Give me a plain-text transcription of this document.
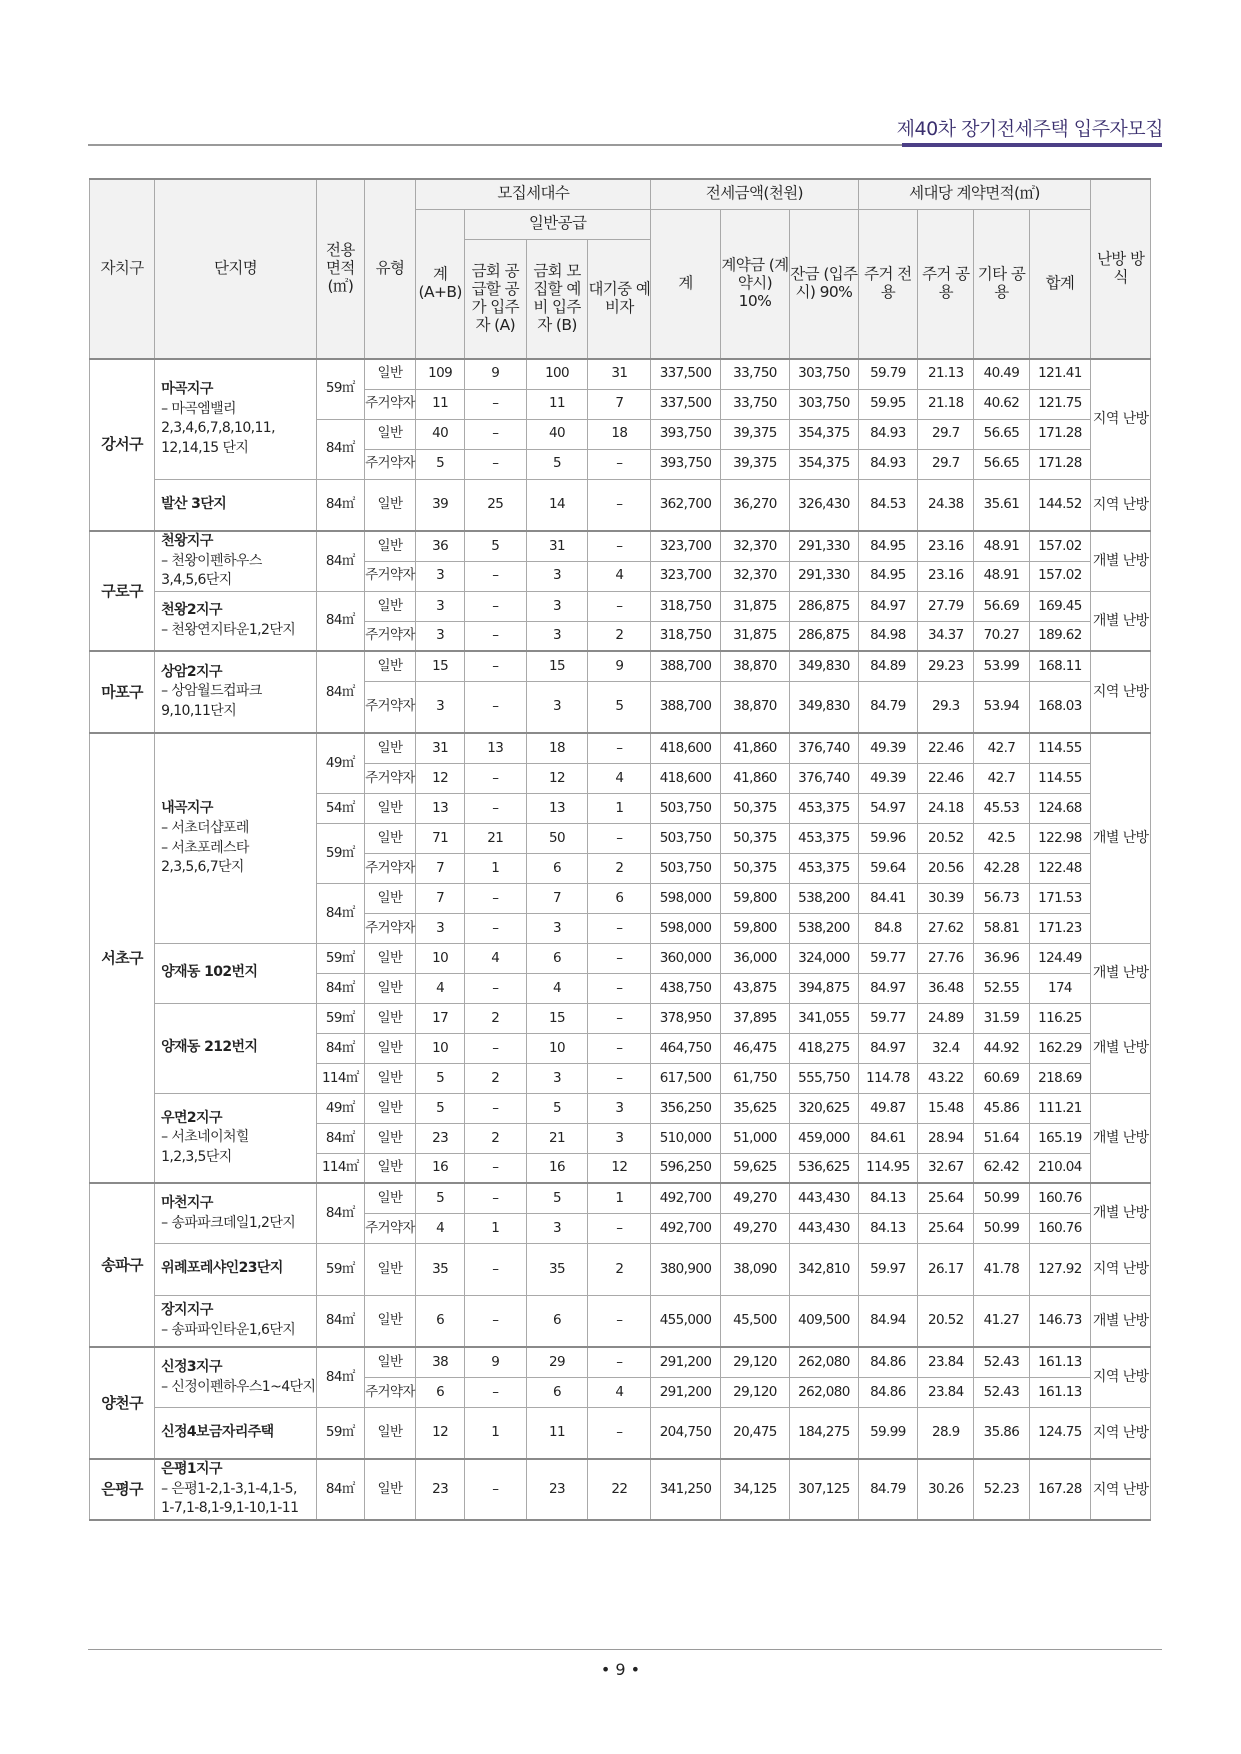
제40차 장기전세주택 입주자모집
자치구	단지명	전용 면적 (㎡)	유형	모집세대수				전세금액(천원)			세대당 계약면적(㎡)				난방 방식
				계 (A+B)	일반공급			계	계약금 (계약시) 10%	잔금 (입주시) 90%	주거 전용	주거 공용	기타 공용	합계	
					금회 공급할 공가 입주자 (A)	금회 모집할 예비 입주자 (B)	대기중 예비자								
강서구	마곡지구
– 마곡엠밸리
2,3,4,6,7,8,10,11,
12,14,15 단지	59㎡	일반	109	9	100	31	337,500	33,750	303,750	59.79	21.13	40.49	121.41	지역 난방
			주거약자	11	–	11	7	337,500	33,750	303,750	59.95	21.18	40.62	121.75	
		84㎡	일반	40	–	40	18	393,750	39,375	354,375	84.93	29.7	56.65	171.28	
			주거약자	5	–	5	–	393,750	39,375	354,375	84.93	29.7	56.65	171.28	

	발산 3단지	84㎡	일반	39	25	14	–	362,700	36,270	326,430	84.53	24.38	35.61	144.52	지역 난방
구로구	천왕지구
– 천왕이펜하우스
3,4,5,6단지	84㎡	일반	36	5	31	–	323,700	32,370	291,330	84.95	23.16	48.91	157.02	개별 난방
			주거약자	3	–	3	4	323,700	32,370	291,330	84.95	23.16	48.91	157.02	

	천왕2지구
– 천왕연지타운1,2단지	84㎡	일반	3	–	3	–	318,750	31,875	286,875	84.97	27.79	56.69	169.45	개별 난방
			주거약자	3	–	3	2	318,750	31,875	286,875	84.98	34.37	70.27	189.62	
마포구	상암2지구
– 상암월드컵파크
9,10,11단지	84㎡	일반	15	–	15	9	388,700	38,870	349,830	84.89	29.23	53.99	168.11	지역 난방
			주거약자	3	–	3	5	388,700	38,870	349,830	84.79	29.3	53.94	168.03	
서초구	내곡지구
– 서초더샵포레
– 서초포레스타
2,3,5,6,7단지	49㎡	일반	31	13	18	–	418,600	41,860	376,740	49.39	22.46	42.7	114.55	개별 난방
			주거약자	12	–	12	4	418,600	41,860	376,740	49.39	22.46	42.7	114.55	
		54㎡	일반	13	–	13	1	503,750	50,375	453,375	54.97	24.18	45.53	124.68	
		59㎡	일반	71	21	50	–	503,750	50,375	453,375	59.96	20.52	42.5	122.98	
			주거약자	7	1	6	2	503,750	50,375	453,375	59.64	20.56	42.28	122.48	
		84㎡	일반	7	–	7	6	598,000	59,800	538,200	84.41	30.39	56.73	171.53	
			주거약자	3	–	3	–	598,000	59,800	538,200	84.8	27.62	58.81	171.23	

	양재동 102번지	59㎡	일반	10	4	6	–	360,000	36,000	324,000	59.77	27.76	36.96	124.49	개별 난방
		84㎡	일반	4	–	4	–	438,750	43,875	394,875	84.97	36.48	52.55	174	

	양재동 212번지	59㎡	일반	17	2	15	–	378,950	37,895	341,055	59.77	24.89	31.59	116.25	개별 난방
		84㎡	일반	10	–	10	–	464,750	46,475	418,275	84.97	32.4	44.92	162.29	
		114㎡	일반	5	2	3	–	617,500	61,750	555,750	114.78	43.22	60.69	218.69	

	우면2지구
– 서초네이처힐
1,2,3,5단지	49㎡	일반	5	–	5	3	356,250	35,625	320,625	49.87	15.48	45.86	111.21	개별 난방
		84㎡	일반	23	2	21	3	510,000	51,000	459,000	84.61	28.94	51.64	165.19	
		114㎡	일반	16	–	16	12	596,250	59,625	536,625	114.95	32.67	62.42	210.04	
송파구	마천지구
– 송파파크데일1,2단지	84㎡	일반	5	–	5	1	492,700	49,270	443,430	84.13	25.64	50.99	160.76	개별 난방
			주거약자	4	1	3	–	492,700	49,270	443,430	84.13	25.64	50.99	160.76	

	위례포레샤인23단지	59㎡	일반	35	–	35	2	380,900	38,090	342,810	59.97	26.17	41.78	127.92	지역 난방

	장지지구
– 송파파인타운1,6단지	84㎡	일반	6	–	6	–	455,000	45,500	409,500	84.94	20.52	41.27	146.73	개별 난방
양천구	신정3지구
– 신정이펜하우스1~4단지	84㎡	일반	38	9	29	–	291,200	29,120	262,080	84.86	23.84	52.43	161.13	지역 난방
			주거약자	6	–	6	4	291,200	29,120	262,080	84.86	23.84	52.43	161.13	

	신정4보금자리주택	59㎡	일반	12	1	11	–	204,750	20,475	184,275	59.99	28.9	35.86	124.75	지역 난방
은평구	은평1지구
– 은평1-2,1-3,1-4,1-5,
1-7,1-8,1-9,1-10,1-11	84㎡	일반	23	–	23	22	341,250	34,125	307,125	84.79	30.26	52.23	167.28	지역 난방
• 9 •
